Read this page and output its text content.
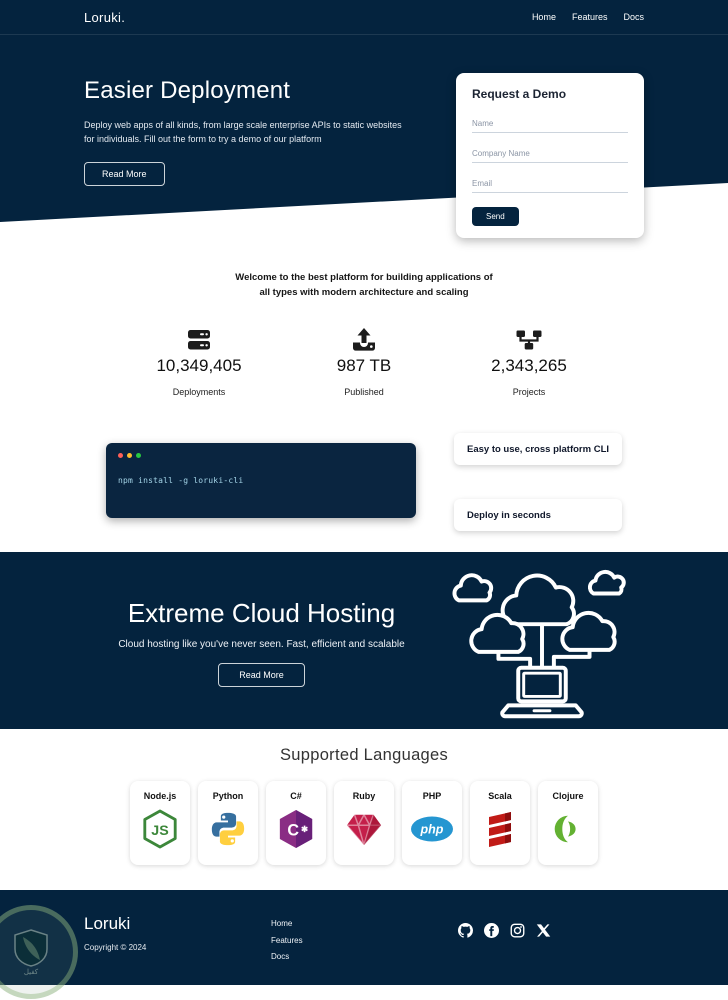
Loruki.	Home Features Docs
Easier Deployment

Deploy web apps of all kinds, from large scale enterprise APIs to static websites for individuals. Fill out the form to try a demo of our platform

Read More
Request a Demo
Name
Company Name
Email Send

Welcome to the best platform for building applications of all types with modern architecture and scaling

10,349,405
Deployments
987 TB
Published
2,343,265
Projects
npm install -g loruki-cli
Easy to use, cross platform CLI
Deploy in seconds
Extreme Cloud Hosting

Cloud hosting like you've never seen. Fast, efficient and scalable

Read More
Supported Languages
Node.js
JS
Python	C#
C ✱
Ruby	PHP
php
Scala	Clojure
Loruki
Copyright © 2024
Home
Features
Docs
كفيل
